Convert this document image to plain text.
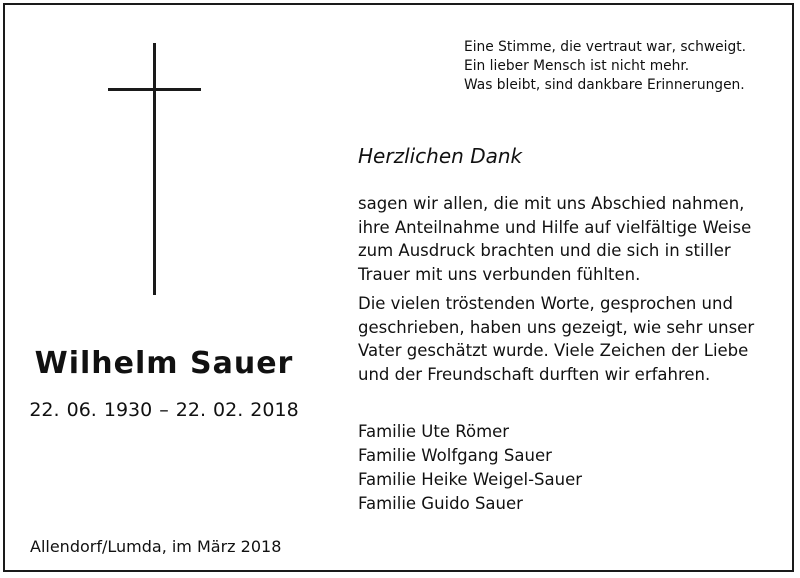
Wilhelm Sauer
22. 06. 1930 – 22. 02. 2018
Allendorf/Lumda, im März 2018
Eine Stimme, die vertraut war, schweigt.
Ein lieber Mensch ist nicht mehr.
Was bleibt, sind dankbare Erinnerungen.
Herzlichen Dank
sagen wir allen, die mit uns Abschied nahmen,
ihre Anteilnahme und Hilfe auf vielfältige Weise
zum Ausdruck brachten und die sich in stiller
Trauer mit uns verbunden fühlten.
Die vielen tröstenden Worte, gesprochen und
geschrieben, haben uns gezeigt, wie sehr unser
Vater geschätzt wurde. Viele Zeichen der Liebe
und der Freundschaft durften wir erfahren.
Familie Ute Römer
Familie Wolfgang Sauer
Familie Heike Weigel-Sauer
Familie Guido Sauer
